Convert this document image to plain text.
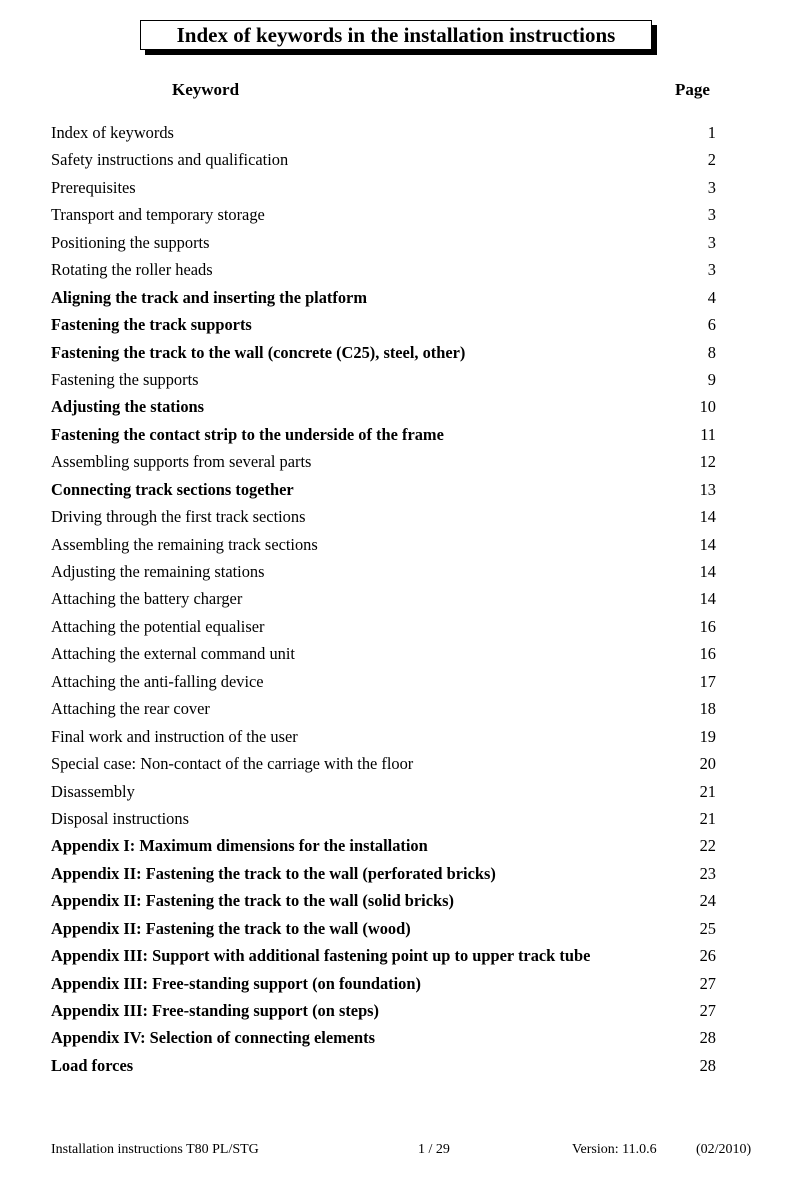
Index of keywords in the installation instructions
Keyword	Page
Index of keywords	1
Safety instructions and qualification	2
Prerequisites	3
Transport and temporary storage	3
Positioning the supports	3
Rotating the roller heads	3
Aligning the track and inserting the platform	4
Fastening the track supports	6
Fastening the track to the wall (concrete (C25), steel, other)	8
Fastening the supports	9
Adjusting the stations	10
Fastening the contact strip to the underside of the frame	11
Assembling supports from several parts	12
Connecting track sections together	13
Driving through the first track sections	14
Assembling the remaining track sections	14
Adjusting the remaining stations	14
Attaching the battery charger	14
Attaching the potential equaliser	16
Attaching the external command unit	16
Attaching the anti-falling device	17
Attaching the rear cover	18
Final work and instruction of the user	19
Special case: Non-contact of the carriage with the floor	20
Disassembly	21
Disposal instructions	21
Appendix I: Maximum dimensions for the installation	22
Appendix II: Fastening the track to the wall (perforated bricks)	23
Appendix II: Fastening the track to the wall (solid bricks)	24
Appendix II: Fastening the track to the wall (wood)	25
Appendix III: Support with additional fastening point up to upper track tube	26
Appendix III: Free-standing support (on foundation)	27
Appendix III: Free-standing support (on steps)	27
Appendix IV: Selection of connecting elements	28
Load forces	28
Installation instructions T80 PL/STG	1 / 29	Version: 11.0.6	(02/2010)
